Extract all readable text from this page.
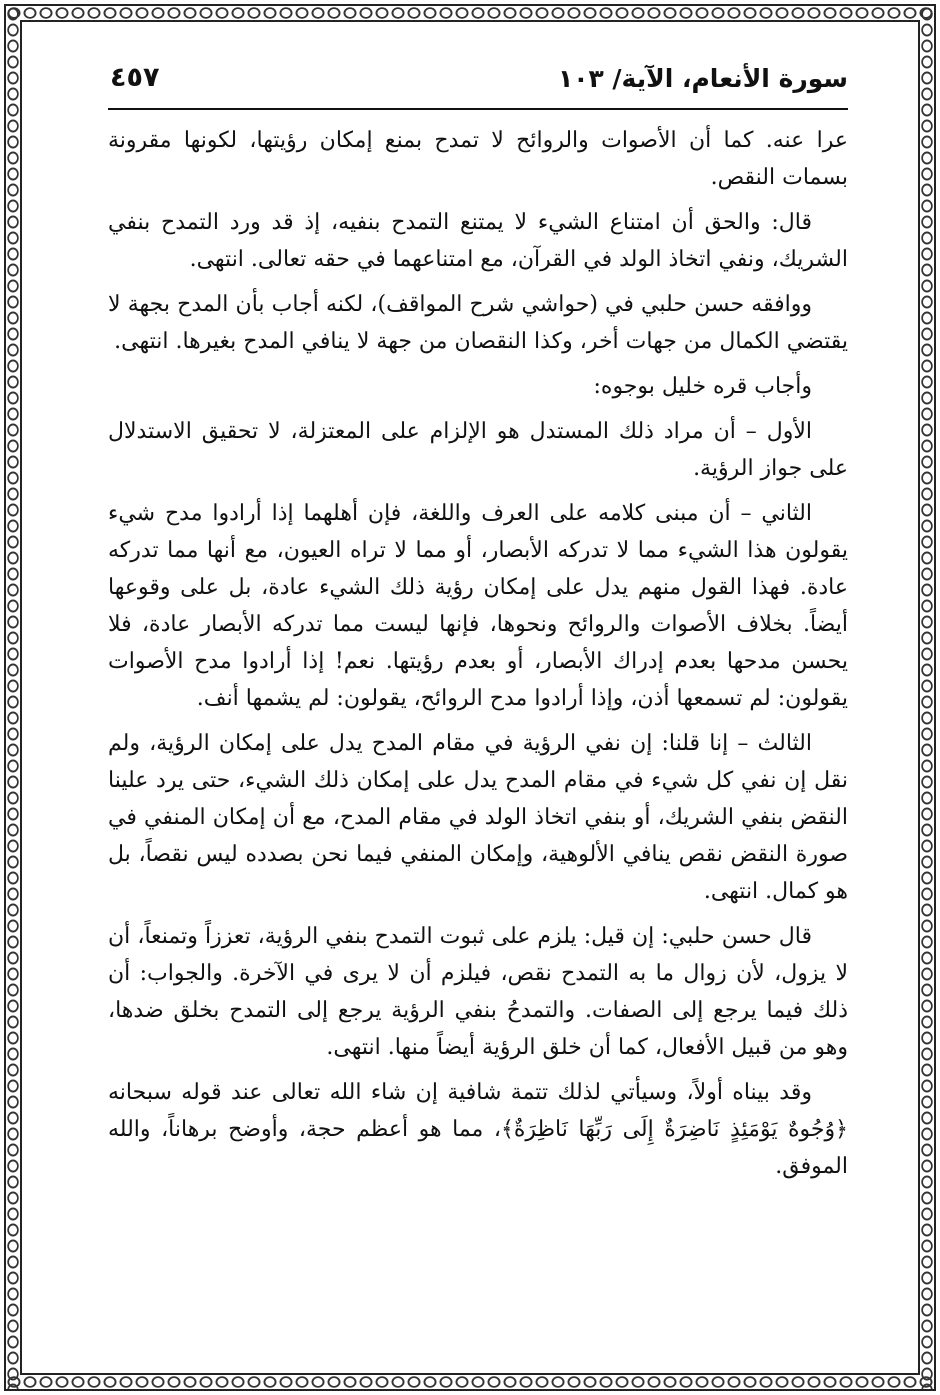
سورة الأنعام، الآية/ ١٠٣
٤٥٧

عرا عنه. كما أن الأصوات والروائح لا تمدح بمنع إمكان رؤيتها، لكونها مقرونة بسمات النقص.

قال: والحق أن امتناع الشيء لا يمتنع التمدح بنفيه، إذ قد ورد التمدح بنفي الشريك، ونفي اتخاذ الولد في القرآن، مع امتناعهما في حقه تعالى. انتهى.

ووافقه حسن حلبي في (حواشي شرح المواقف)، لكنه أجاب بأن المدح بجهة لا يقتضي الكمال من جهات أخر، وكذا النقصان من جهة لا ينافي المدح بغيرها. انتهى.

وأجاب قره خليل بوجوه:

الأول – أن مراد ذلك المستدل هو الإلزام على المعتزلة، لا تحقيق الاستدلال على جواز الرؤية.

الثاني – أن مبنى كلامه على العرف واللغة، فإن أهلهما إذا أرادوا مدح شيء يقولون هذا الشيء مما لا تدركه الأبصار، أو مما لا تراه العيون، مع أنها مما تدركه عادة. فهذا القول منهم يدل على إمكان رؤية ذلك الشيء عادة، بل على وقوعها أيضاً. بخلاف الأصوات والروائح ونحوها، فإنها ليست مما تدركه الأبصار عادة، فلا يحسن مدحها بعدم إدراك الأبصار، أو بعدم رؤيتها. نعم! إذا أرادوا مدح الأصوات يقولون: لم تسمعها أذن، وإذا أرادوا مدح الروائح، يقولون: لم يشمها أنف.

الثالث – إنا قلنا: إن نفي الرؤية في مقام المدح يدل على إمكان الرؤية، ولم نقل إن نفي كل شيء في مقام المدح يدل على إمكان ذلك الشيء، حتى يرد علينا النقض بنفي الشريك، أو بنفي اتخاذ الولد في مقام المدح، مع أن إمكان المنفي في صورة النقض نقص ينافي الألوهية، وإمكان المنفي فيما نحن بصدده ليس نقصاً، بل هو كمال. انتهى.

قال حسن حلبي: إن قيل: يلزم على ثبوت التمدح بنفي الرؤية، تعززاً وتمنعاً، أن لا يزول، لأن زوال ما به التمدح نقص، فيلزم أن لا يرى في الآخرة. والجواب: أن ذلك فيما يرجع إلى الصفات. والتمدحُ بنفي الرؤية يرجع إلى التمدح بخلق ضدها، وهو من قبيل الأفعال، كما أن خلق الرؤية أيضاً منها. انتهى.

وقد بيناه أولاً، وسيأتي لذلك تتمة شافية إن شاء الله تعالى عند قوله سبحانه ﴿وُجُوهٌ يَوْمَئِذٍ نَاضِرَةٌ إِلَى رَبِّهَا نَاظِرَةٌ﴾، مما هو أعظم حجة، وأوضح برهاناً، والله الموفق.
